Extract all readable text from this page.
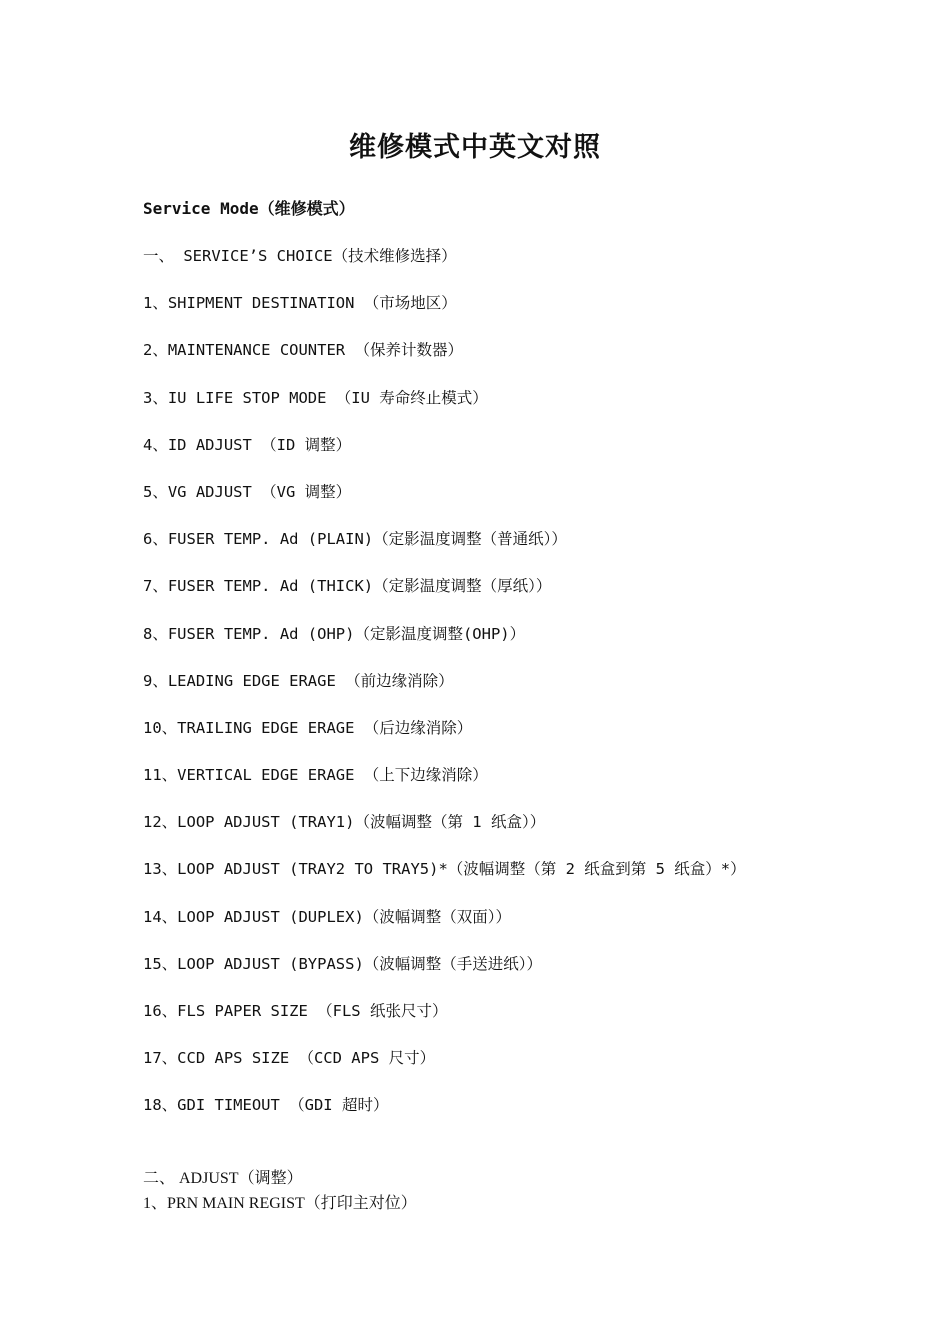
维修模式中英文对照
Service Mode（维修模式）
一、 SERVICE’S CHOICE（技术维修选择）
1、SHIPMENT DESTINATION （市场地区）
2、MAINTENANCE COUNTER （保养计数器）
3、IU LIFE STOP MODE （IU 寿命终止模式）
4、ID ADJUST （ID 调整）
5、VG ADJUST （VG 调整）
6、FUSER TEMP. Ad (PLAIN)（定影温度调整（普通纸））
7、FUSER TEMP. Ad (THICK)（定影温度调整（厚纸））
8、FUSER TEMP. Ad (OHP)（定影温度调整(OHP)）
9、LEADING EDGE ERAGE （前边缘消除）
10、TRAILING EDGE ERAGE （后边缘消除）
11、VERTICAL EDGE ERAGE （上下边缘消除）
12、LOOP ADJUST (TRAY1)（波幅调整（第 1 纸盒））
13、LOOP ADJUST (TRAY2 TO TRAY5)*（波幅调整（第 2 纸盒到第 5 纸盒）*）
14、LOOP ADJUST (DUPLEX)（波幅调整（双面））
15、LOOP ADJUST (BYPASS)（波幅调整（手送进纸））
16、FLS PAPER SIZE （FLS 纸张尺寸）
17、CCD APS SIZE （CCD APS 尺寸）
18、GDI TIMEOUT （GDI 超时）
二、 ADJUST（调整）
1、PRN MAIN REGIST（打印主对位）
